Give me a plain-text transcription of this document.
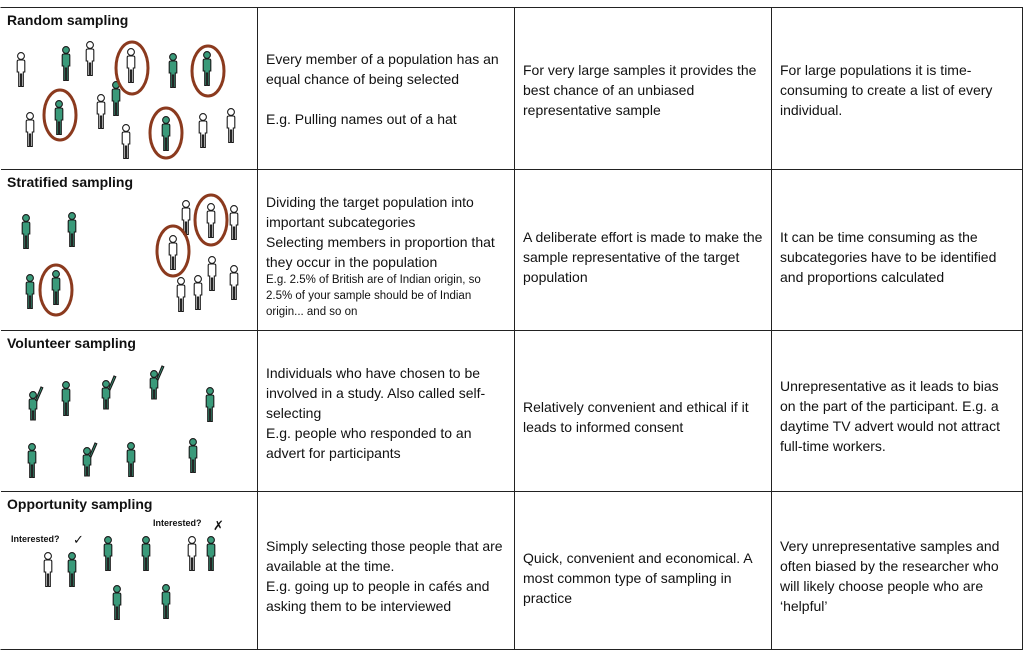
Random sampling
Every member of a population has an equal chance of being selected
E.g. Pulling names out of a hat
For very large samples it provides the best chance of an unbiased representative sample
For large populations it is time-consuming to create a list of every individual.
Stratified sampling
Dividing the target population into important subcategories
Selecting members in proportion that they occur in the population
E.g. 2.5% of British are of Indian origin, so 2.5% of your sample should be of Indian origin... and so on
A deliberate effort is made to make the sample representative of the target population
It can be time consuming as the subcategories have to be identified and proportions calculated
Volunteer sampling
Individuals who have chosen to be involved in a study. Also called self-selecting
E.g. people who responded to an advert for participants
Relatively convenient and ethical if it leads to informed consent
Unrepresentative as it leads to bias on the part of the participant. E.g. a daytime TV advert would not attract full-time workers.
Interested? ✓
Interested? ✗
Opportunity sampling
Simply selecting those people that are available at the time.
E.g. going up to people in cafés and asking them to be interviewed
Quick, convenient and economical. A most common type of sampling in practice
Very unrepresentative samples and often biased by the researcher who will likely choose people who are ‘helpful’
